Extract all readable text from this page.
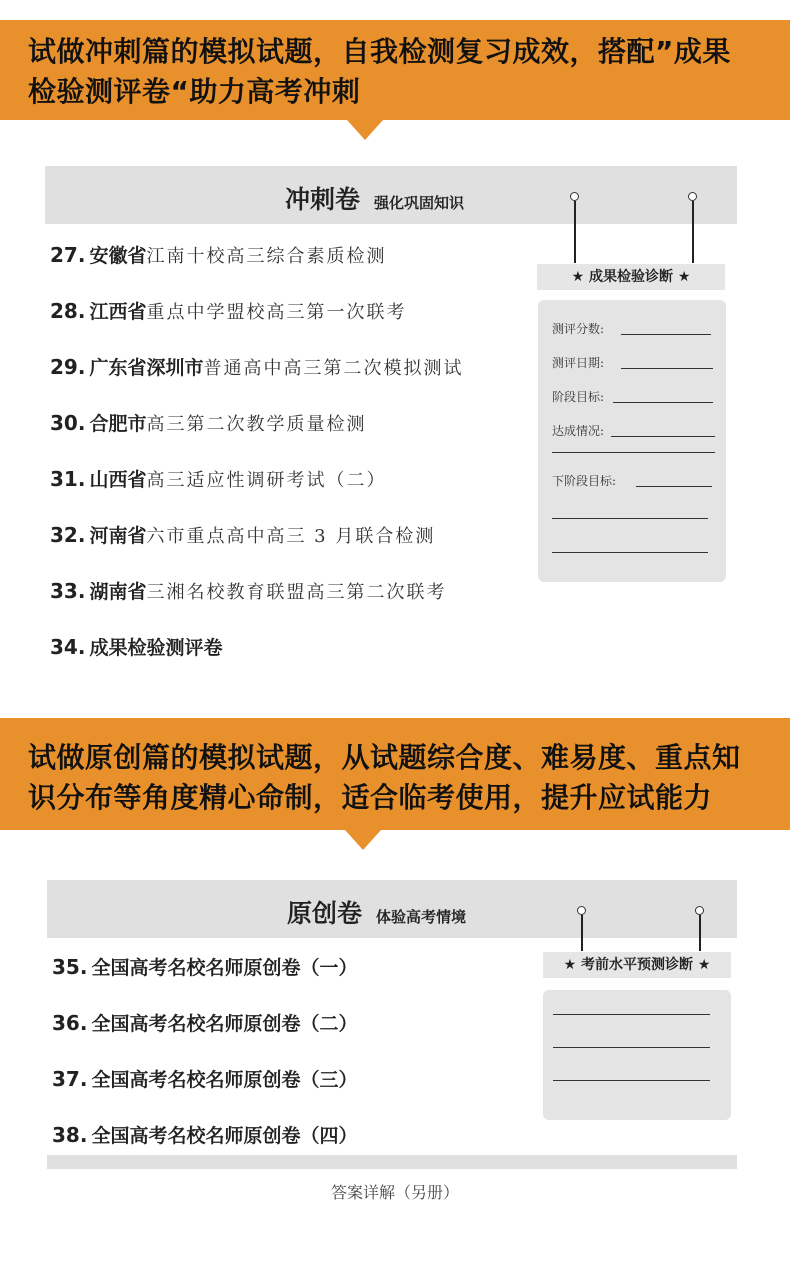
试做冲刺篇的模拟试题，自我检测复习成效，搭配”成果
检验测评卷“助力高考冲刺
冲刺卷 强化巩固知识
27. 安徽省江南十校高三综合素质检测
28. 江西省重点中学盟校高三第一次联考
29. 广东省深圳市普通高中高三第二次模拟测试
30. 合肥市高三第二次教学质量检测
31. 山西省高三适应性调研考试（二）
32. 河南省六市重点高中高三 3 月联合检测
33. 湖南省三湘名校教育联盟高三第二次联考
34. 成果检验测评卷
★ 成果检验诊断 ★
测评分数:
测评日期:
阶段目标:
达成情况:
下阶段目标:
试做原创篇的模拟试题，从试题综合度、难易度、重点知
识分布等角度精心命制，适合临考使用，提升应试能力
原创卷 体验高考情境
35. 全国高考名校名师原创卷（一）
36. 全国高考名校名师原创卷（二）
37. 全国高考名校名师原创卷（三）
38. 全国高考名校名师原创卷（四）
★ 考前水平预测诊断 ★
答案详解（另册）
